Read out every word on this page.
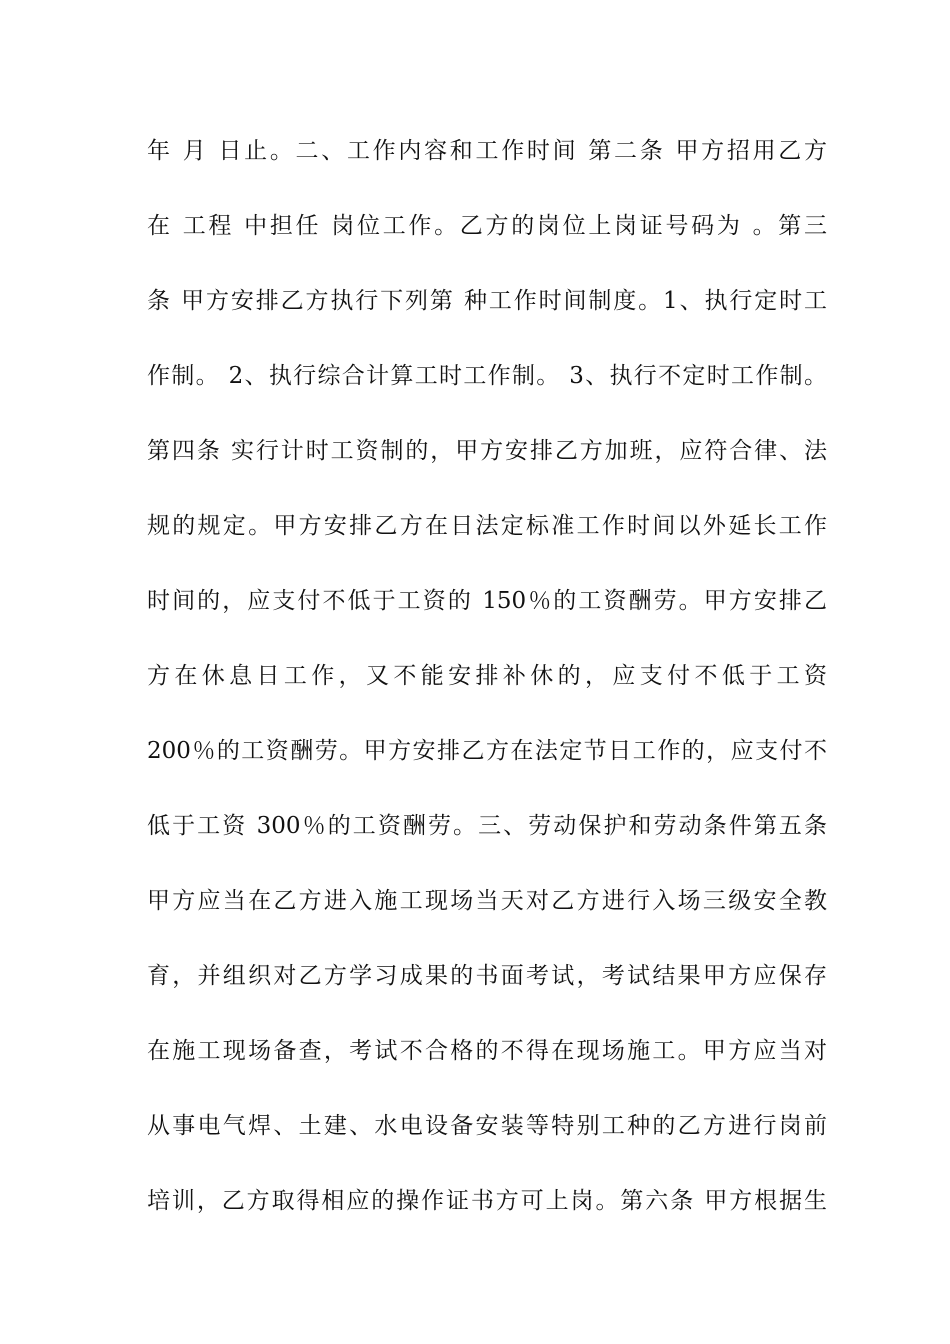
年 月 日止。二、工作内容和工作时间 第二条 甲方招用乙方
在 工程 中担任 岗位工作。乙方的岗位上岗证号码为 。第三
条 甲方安排乙方执行下列第 种工作时间制度。1、执行定时工
作制。 2、执行综合计算工时工作制。 3、执行不定时工作制。
第四条 实行计时工资制的，甲方安排乙方加班，应符合律、法
规的规定。甲方安排乙方在日法定标准工作时间以外延长工作
时间的，应支付不低于工资的 150％的工资酬劳。甲方安排乙
方在休息日工作，又不能安排补休的，应支付不低于工资
200％的工资酬劳。甲方安排乙方在法定节日工作的，应支付不
低于工资 300％的工资酬劳。三、劳动保护和劳动条件第五条
甲方应当在乙方进入施工现场当天对乙方进行入场三级安全教
育，并组织对乙方学习成果的书面考试，考试结果甲方应保存
在施工现场备查，考试不合格的不得在现场施工。甲方应当对
从事电气焊、土建、水电设备安装等特别工种的乙方进行岗前
培训，乙方取得相应的操作证书方可上岗。第六条 甲方根据生
